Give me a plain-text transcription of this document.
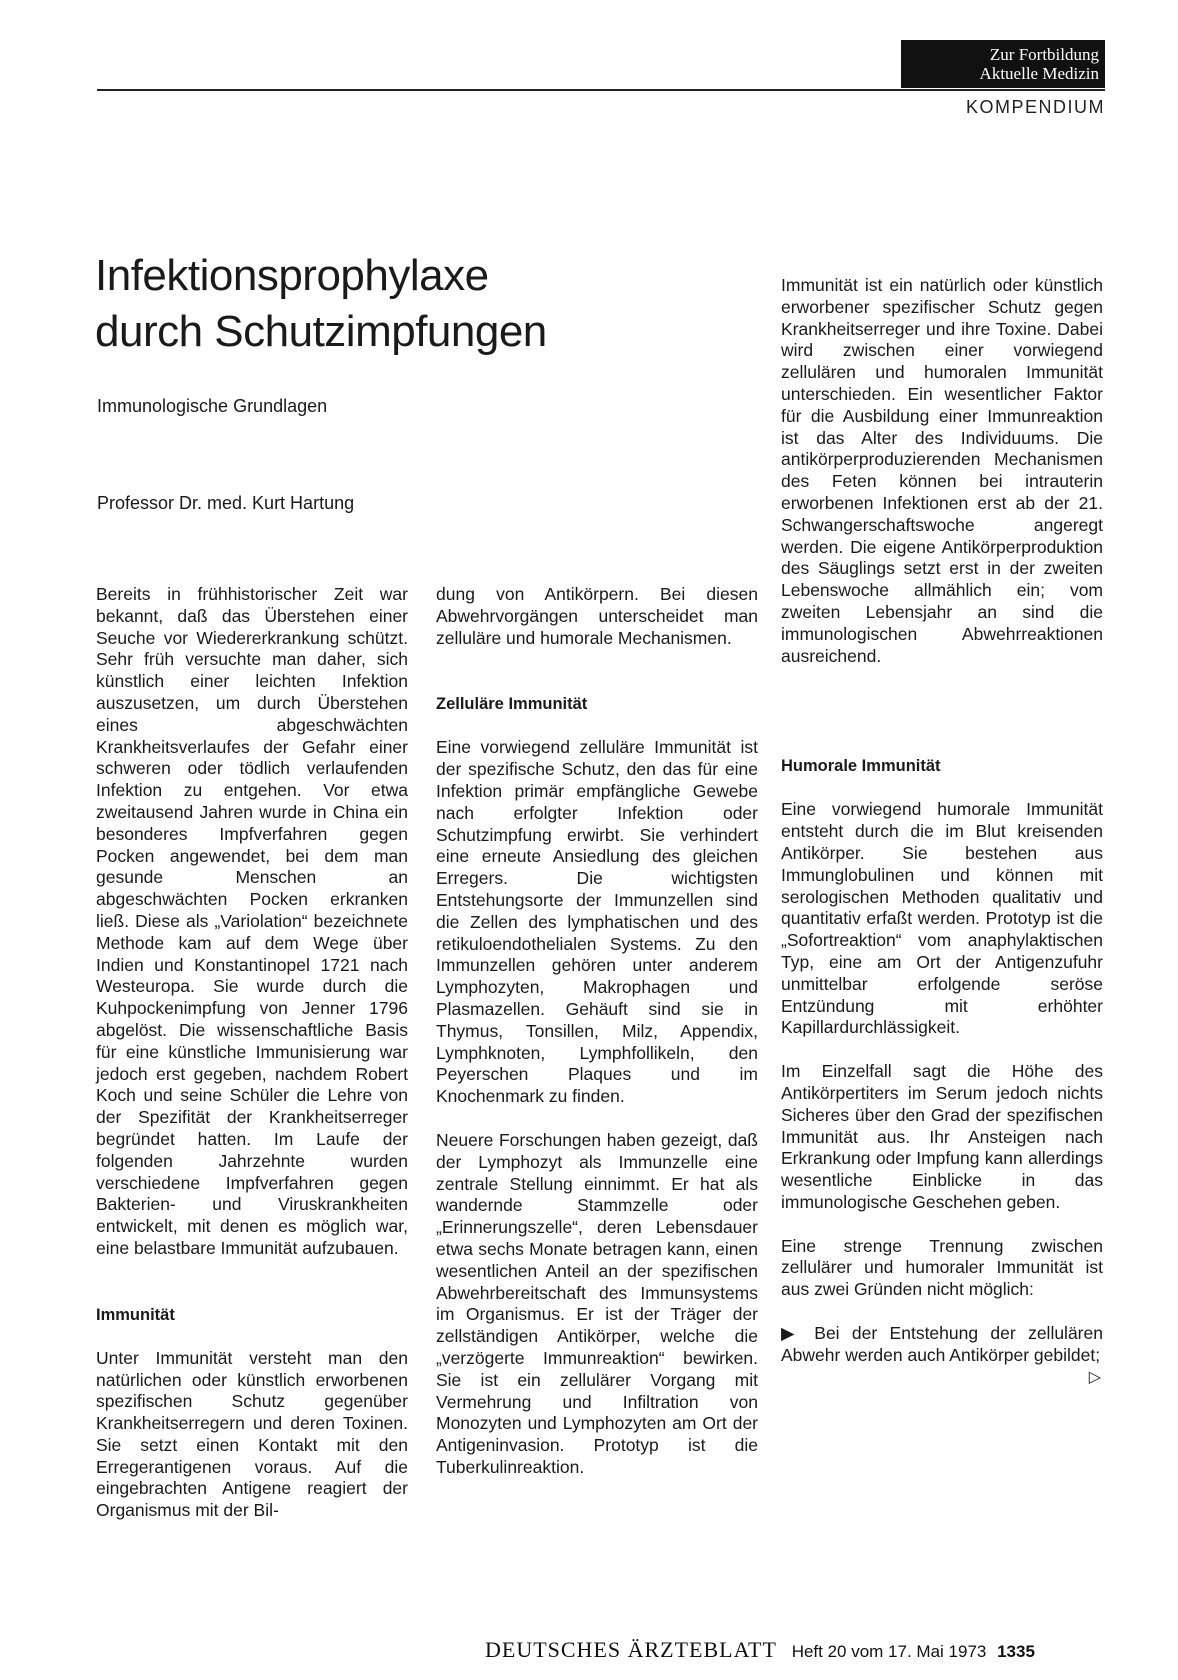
Zur Fortbildung
Aktuelle Medizin
KOMPENDIUM
Infektionsprophylaxe
durch Schutzimpfungen
Immunologische Grundlagen
Professor Dr. med. Kurt Hartung

Bereits in frühhistorischer Zeit war bekannt, daß das Überstehen einer Seuche vor Wiedererkrankung schützt. Sehr früh versuchte man daher, sich künstlich einer leichten Infektion auszusetzen, um durch Überstehen eines abgeschwächten Krankheitsverlaufes der Gefahr einer schweren oder tödlich verlaufenden Infektion zu entgehen. Vor etwa zweitausend Jahren wurde in China ein besonderes Impfverfahren gegen Pocken angewendet, bei dem man gesunde Menschen an abgeschwächten Pocken erkranken ließ. Diese als „Variolation“ bezeichnete Methode kam auf dem Wege über Indien und Konstantinopel 1721 nach Westeuropa. Sie wurde durch die Kuhpockenimpfung von Jenner 1796 abgelöst. Die wissenschaftliche Basis für eine künstliche Immunisierung war jedoch erst gegeben, nachdem Robert Koch und seine Schüler die Lehre von der Spezifität der Krankheitserreger begründet hatten. Im Laufe der folgenden Jahrzehnte wurden verschiedene Impfverfahren gegen Bakterien- und Viruskrankheiten entwickelt, mit denen es möglich war, eine belastbare Immunität aufzubauen.

Immunität

Unter Immunität versteht man den natürlichen oder künstlich erworbenen spezifischen Schutz gegenüber Krankheitserregern und deren Toxinen. Sie setzt einen Kontakt mit den Erregerantigenen voraus. Auf die eingebrachten Antigene reagiert der Organismus mit der Bil-

dung von Antikörpern. Bei diesen Abwehrvorgängen unterscheidet man zelluläre und humorale Mechanismen.

Zelluläre Immunität

Eine vorwiegend zelluläre Immunität ist der spezifische Schutz, den das für eine Infektion primär empfängliche Gewebe nach erfolgter Infektion oder Schutzimpfung erwirbt. Sie verhindert eine erneute Ansiedlung des gleichen Erregers. Die wichtigsten Entstehungsorte der Immunzellen sind die Zellen des lymphatischen und des retikuloendothelialen Systems. Zu den Immunzellen gehören unter anderem Lymphozyten, Makrophagen und Plasmazellen. Gehäuft sind sie in Thymus, Tonsillen, Milz, Appendix, Lymphknoten, Lymphfollikeln, den Peyerschen Plaques und im Knochenmark zu finden.

Neuere Forschungen haben gezeigt, daß der Lymphozyt als Immunzelle eine zentrale Stellung einnimmt. Er hat als wandernde Stammzelle oder „Erinnerungszelle“, deren Lebensdauer etwa sechs Monate betragen kann, einen wesentlichen Anteil an der spezifischen Abwehrbereitschaft des Immunsystems im Organismus. Er ist der Träger der zellständigen Antikörper, welche die „verzögerte Immunreaktion“ bewirken. Sie ist ein zellulärer Vorgang mit Vermehrung und Infiltration von Monozyten und Lymphozyten am Ort der Antigeninvasion. Prototyp ist die Tuberkulinreaktion.

Immunität ist ein natürlich oder künstlich erworbener spezifischer Schutz gegen Krankheitserreger und ihre Toxine. Dabei wird zwischen einer vorwiegend zellulären und humoralen Immunität unterschieden. Ein wesentlicher Faktor für die Ausbildung einer Immunreaktion ist das Alter des Individuums. Die antikörperproduzierenden Mechanismen des Feten können bei intrauterin erworbenen Infektionen erst ab der 21. Schwangerschaftswoche angeregt werden. Die eigene Antikörperproduktion des Säuglings setzt erst in der zweiten Lebenswoche allmählich ein; vom zweiten Lebensjahr an sind die immunologischen Abwehrreaktionen ausreichend.

Humorale Immunität

Eine vorwiegend humorale Immunität entsteht durch die im Blut kreisenden Antikörper. Sie bestehen aus Immunglobulinen und können mit serologischen Methoden qualitativ und quantitativ erfaßt werden. Prototyp ist die „Sofortreaktion“ vom anaphylaktischen Typ, eine am Ort der Antigenzufuhr unmittelbar erfolgende seröse Entzündung mit erhöhter Kapillardurchlässigkeit.

Im Einzelfall sagt die Höhe des Antikörpertiters im Serum jedoch nichts Sicheres über den Grad der spezifischen Immunität aus. Ihr Ansteigen nach Erkrankung oder Impfung kann allerdings wesentliche Einblicke in das immunologische Geschehen geben.

Eine strenge Trennung zwischen zellulärer und humoraler Immunität ist aus zwei Gründen nicht möglich:

▶ Bei der Entstehung der zellulären Abwehr werden auch Antikörper gebildet;
▷

DEUTSCHES ÄRZTEBLATT Heft 20 vom 17. Mai 1973 1335
